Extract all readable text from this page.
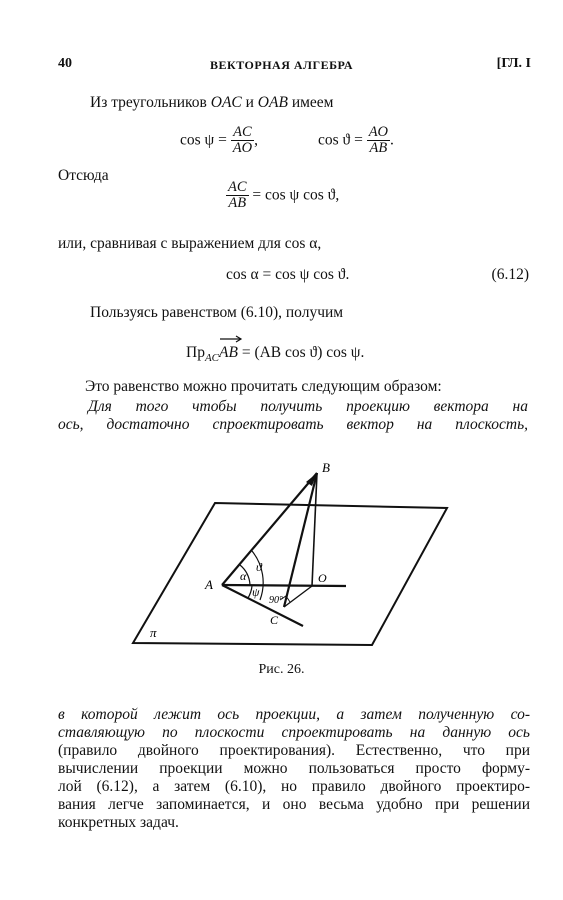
40	ВЕКТОРНАЯ АЛГЕБРА	[ГЛ. I
Из треугольников OAC и OAB имеем
$\cos \psi = \frac{AC}{AO}$ ,	$\cos ϑ = \frac{AO}{AB}$ .
Отсюда
$\frac{AC}{AB} = \cos \psi$ cos ϑ,
или, сравнивая с выражением для cos α,
cos α = cos ψ cos ϑ.	(6.12)
Пользуясь равенством (6.10), получим
$Пр_{AC}$
AB = (AB cos ϑ) cos ψ.
Это равенство можно прочитать следующим образом:
Для того чтобы получить проекцию вектора на
ось, достаточно спроектировать вектор на плоскость,
B
A	O
C
π
α
ϑ
ψ
90°
Рис. 26.
в которой лежит ось проекции, а затем полученную со-
ставляющую по плоскости спроектировать на данную ось
(правило двойного проектирования). Естественно, что при
вычислении проекции можно пользоваться просто форму-
лой (6.12), а затем (6.10), но правило двойного проектиро-
вания легче запоминается, и оно весьма удобно при решении
конкретных задач.
